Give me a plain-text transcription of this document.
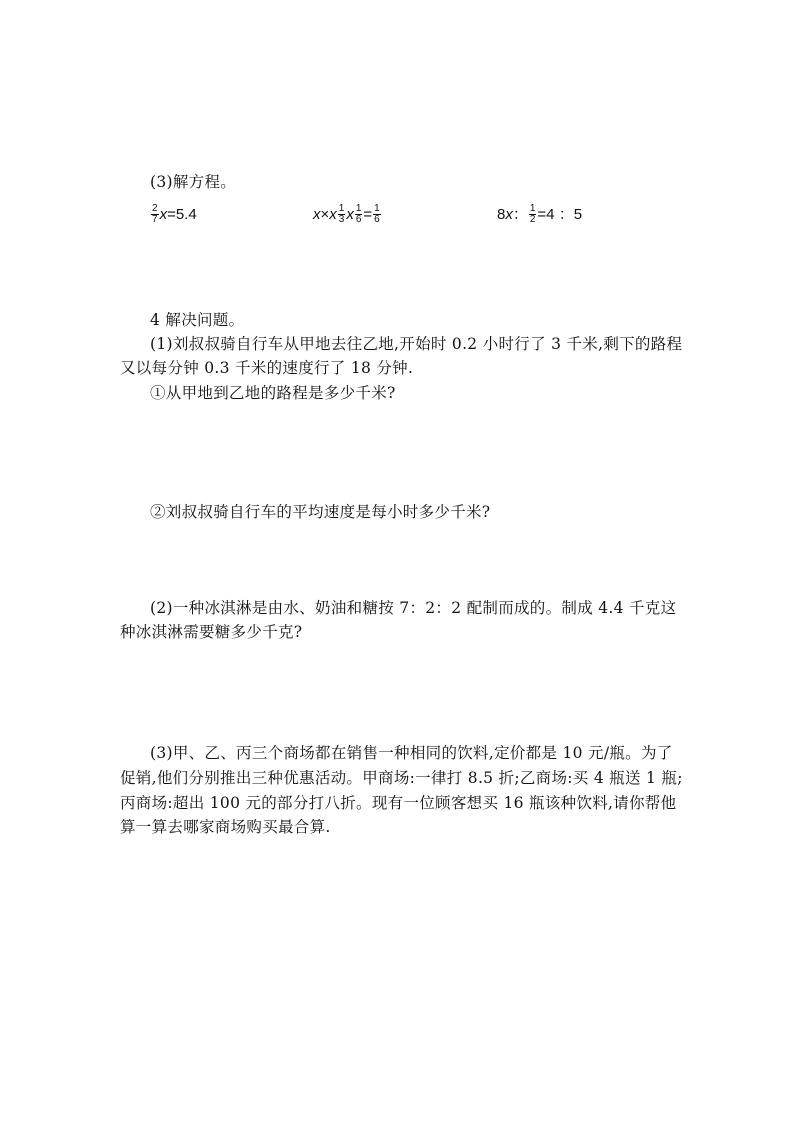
(3)解方程。
$\frac{2}{7}$ x =5.4	x × x $\frac{1}{3}$ x $\frac{1}{6} = \frac{1}{6}$	8 x ： $\frac{1}{2} =4$ ：5
4 解决问题。
(1)刘叔叔骑自行车从甲地去往乙地,开始时 0.2 小时行了 3 千米,剩下的路程
又以每分钟 0.3 千米的速度行了 18 分钟.
①从甲地到乙地的路程是多少千米?
②刘叔叔骑自行车的平均速度是每小时多少千米?
(2)一种冰淇淋是由水、奶油和糖按 7：2：2 配制而成的。制成 4.4 千克这
种冰淇淋需要糖多少千克?
(3)甲、乙、丙三个商场都在销售一种相同的饮料,定价都是 10 元/瓶。为了
促销,他们分别推出三种优惠活动。甲商场:一律打 8.5 折;乙商场:买 4 瓶送 1 瓶;
丙商场:超出 100 元的部分打八折。现有一位顾客想买 16 瓶该种饮料,请你帮他
算一算去哪家商场购买最合算.
